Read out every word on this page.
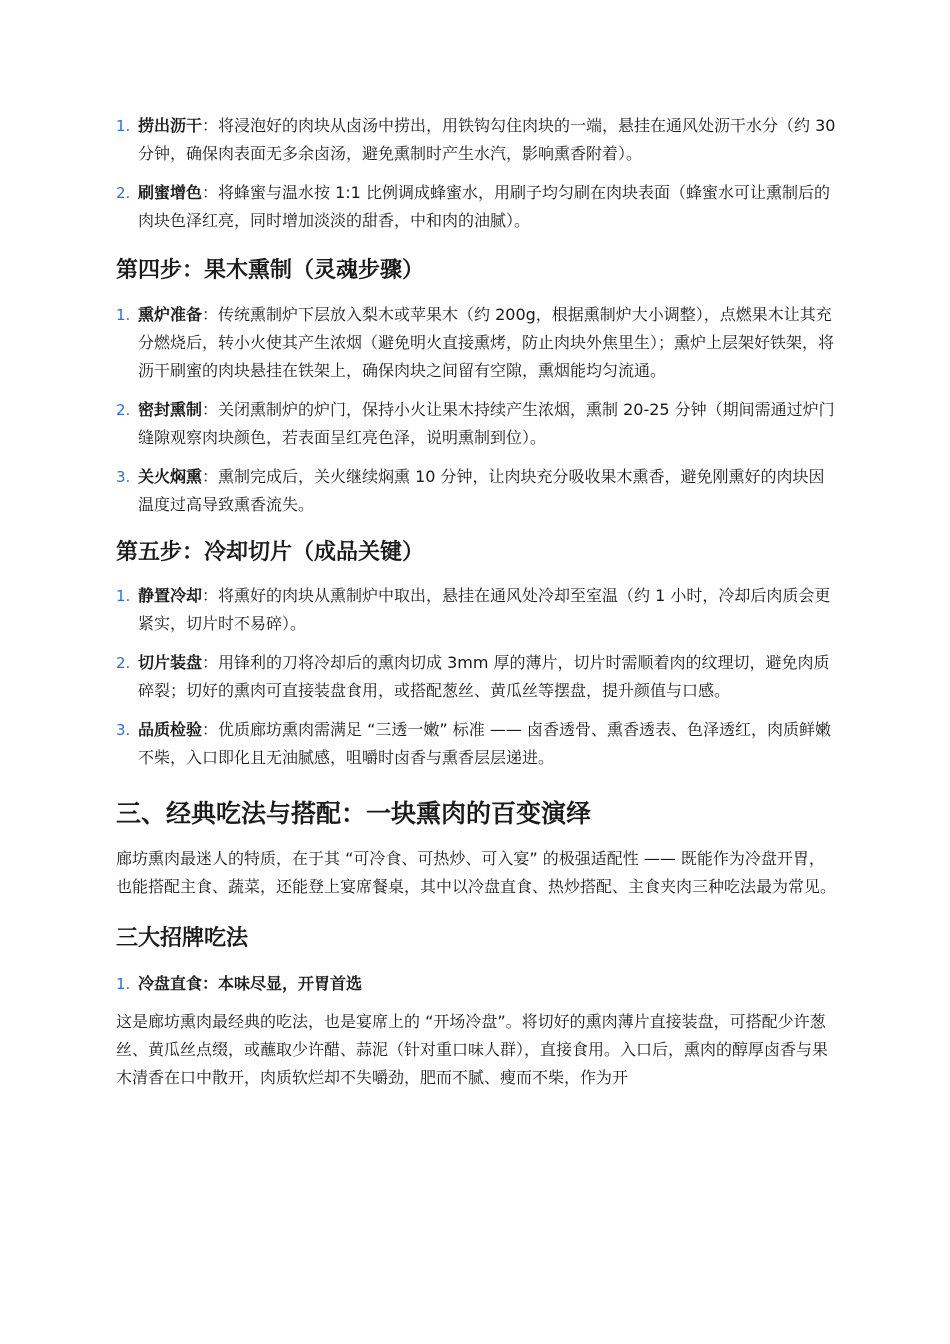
1. 捞出沥干：将浸泡好的肉块从卤汤中捞出，用铁钩勾住肉块的一端，悬挂在通风处沥干水分（约 30 分钟，确保肉表面无多余卤汤，避免熏制时产生水汽，影响熏香附着）。
2. 刷蜜增色：将蜂蜜与温水按 1:1 比例调成蜂蜜水，用刷子均匀刷在肉块表面（蜂蜜水可让熏制后的肉块色泽红亮，同时增加淡淡的甜香，中和肉的油腻）。
第四步：果木熏制（灵魂步骤）
1. 熏炉准备：传统熏制炉下层放入梨木或苹果木（约 200g，根据熏制炉大小调整），点燃果木让其充分燃烧后，转小火使其产生浓烟（避免明火直接熏烤，防止肉块外焦里生）；熏炉上层架好铁架，将沥干刷蜜的肉块悬挂在铁架上，确保肉块之间留有空隙，熏烟能均匀流通。
2. 密封熏制：关闭熏制炉的炉门，保持小火让果木持续产生浓烟，熏制 20-25 分钟（期间需通过炉门缝隙观察肉块颜色，若表面呈红亮色泽，说明熏制到位）。
3. 关火焖熏：熏制完成后，关火继续焖熏 10 分钟，让肉块充分吸收果木熏香，避免刚熏好的肉块因温度过高导致熏香流失。
第五步：冷却切片（成品关键）
1. 静置冷却：将熏好的肉块从熏制炉中取出，悬挂在通风处冷却至室温（约 1 小时，冷却后肉质会更紧实，切片时不易碎）。
2. 切片装盘：用锋利的刀将冷却后的熏肉切成 3mm 厚的薄片，切片时需顺着肉的纹理切，避免肉质碎裂；切好的熏肉可直接装盘食用，或搭配葱丝、黄瓜丝等摆盘，提升颜值与口感。
3. 品质检验：优质廊坊熏肉需满足 “三透一嫩” 标准 —— 卤香透骨、熏香透表、色泽透红，肉质鲜嫩不柴，入口即化且无油腻感，咀嚼时卤香与熏香层层递进。
三、经典吃法与搭配：一块熏肉的百变演绎

廊坊熏肉最迷人的特质，在于其 “可冷食、可热炒、可入宴” 的极强适配性 —— 既能作为冷盘开胃，也能搭配主食、蔬菜，还能登上宴席餐桌，其中以冷盘直食、热炒搭配、主食夹肉三种吃法最为常见。

三大招牌吃法
1. 冷盘直食：本味尽显，开胃首选

这是廊坊熏肉最经典的吃法，也是宴席上的 “开场冷盘”。将切好的熏肉薄片直接装盘，可搭配少许葱丝、黄瓜丝点缀，或蘸取少许醋、蒜泥（针对重口味人群），直接食用。入口后，熏肉的醇厚卤香与果木清香在口中散开，肉质软烂却不失嚼劲，肥而不腻、瘦而不柴，作为开
